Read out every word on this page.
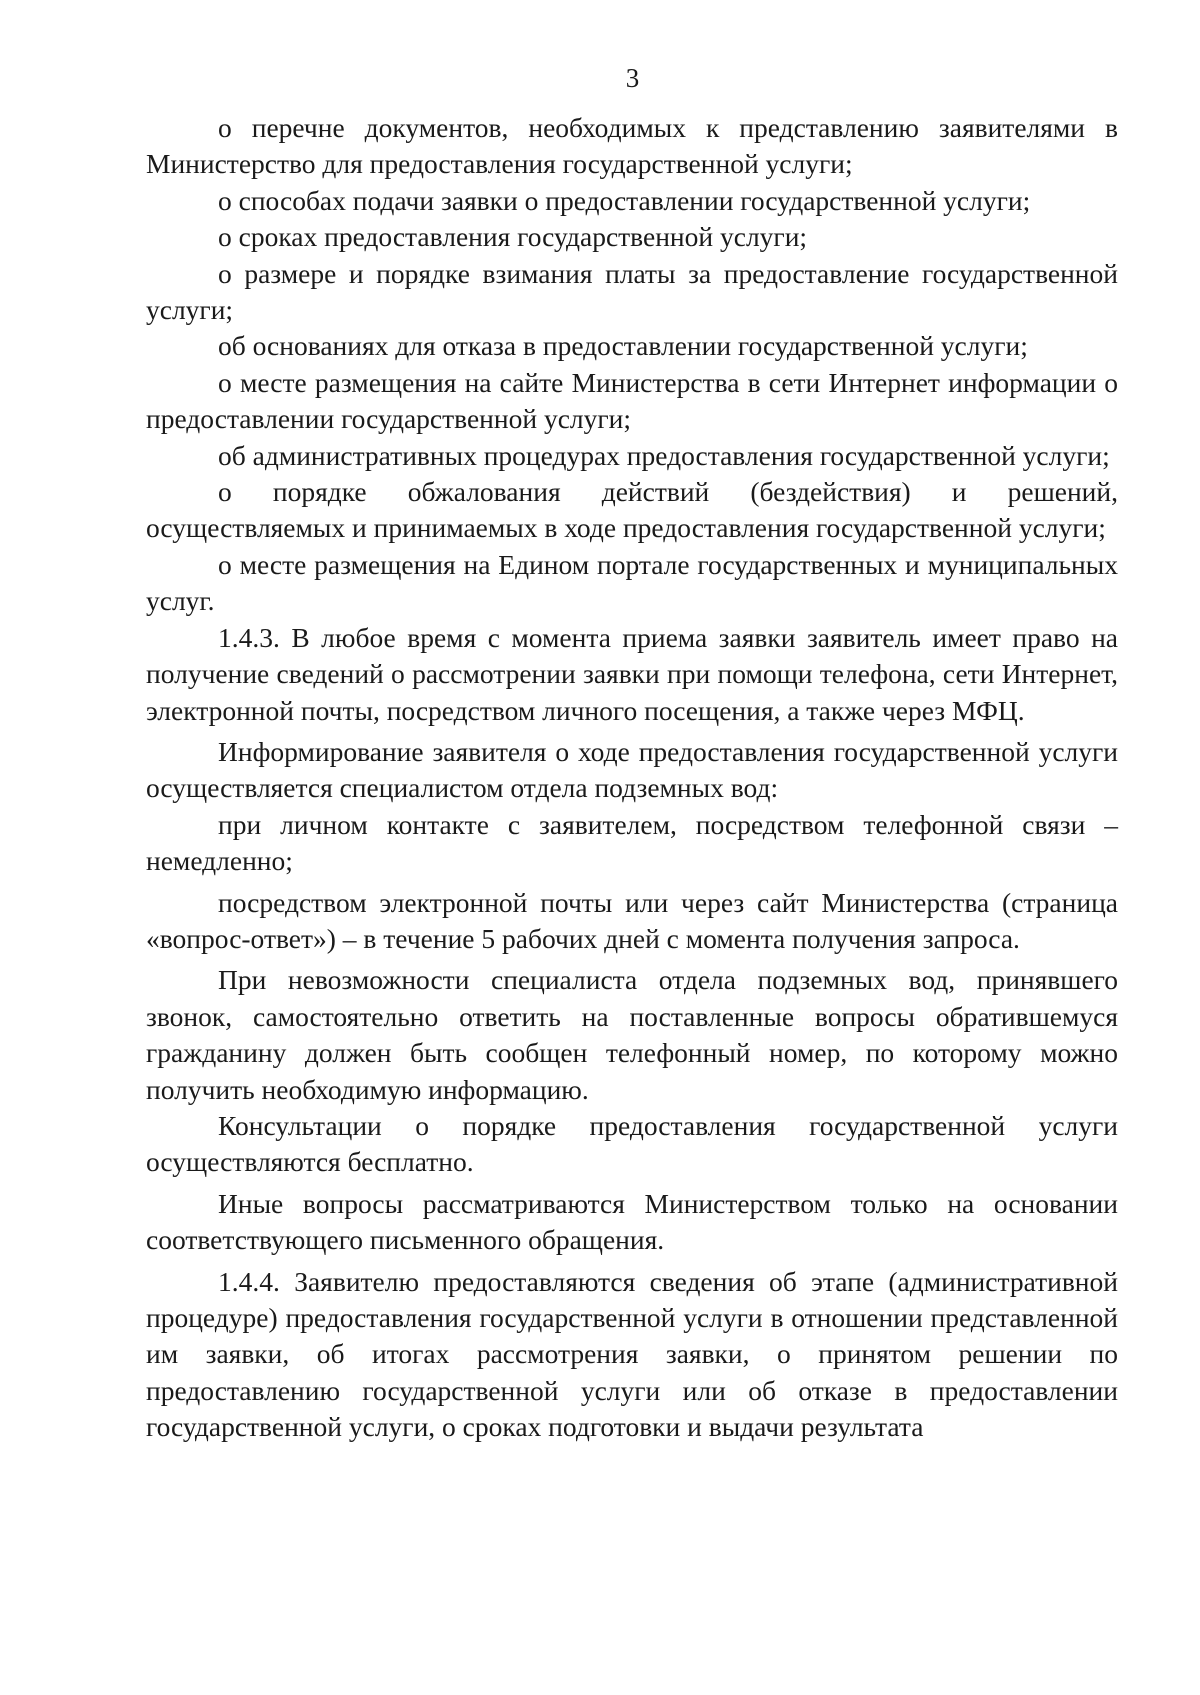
3

о перечне документов, необходимых к представлению заявителями в Министерство для предоставления государственной услуги;

о способах подачи заявки о предоставлении государственной услуги;

о сроках предоставления государственной услуги;

о размере и порядке взимания платы за предоставление государственной услуги;

об основаниях для отказа в предоставлении государственной услуги;

о месте размещения на сайте Министерства в сети Интернет информации о предоставлении государственной услуги;

об административных процедурах предоставления государственной услуги;

о порядке обжалования действий (бездействия) и решений, осуществляемых и принимаемых в ходе предоставления государственной услуги;

о месте размещения на Едином портале государственных и муниципальных услуг.

1.4.3. В любое время с момента приема заявки заявитель имеет право на получение сведений о рассмотрении заявки при помощи телефона, сети Интернет, электронной почты, посредством личного посещения, а также через МФЦ.

Информирование заявителя о ходе предоставления государственной услуги осуществляется специалистом отдела подземных вод:

при личном контакте с заявителем, посредством телефонной связи – немедленно;

посредством электронной почты или через сайт Министерства (страница «вопрос-ответ») – в течение 5 рабочих дней с момента получения запроса.

При невозможности специалиста отдела подземных вод, принявшего звонок, самостоятельно ответить на поставленные вопросы обратившемуся гражданину должен быть сообщен телефонный номер, по которому можно получить необходимую информацию.

Консультации о порядке предоставления государственной услуги осуществляются бесплатно.

Иные вопросы рассматриваются Министерством только на основании соответствующего письменного обращения.

1.4.4. Заявителю предоставляются сведения об этапе (административной процедуре) предоставления государственной услуги в отношении представленной им заявки, об итогах рассмотрения заявки, о принятом решении по предоставлению государственной услуги или об отказе в предоставлении государственной услуги, о сроках подготовки и выдачи результата
